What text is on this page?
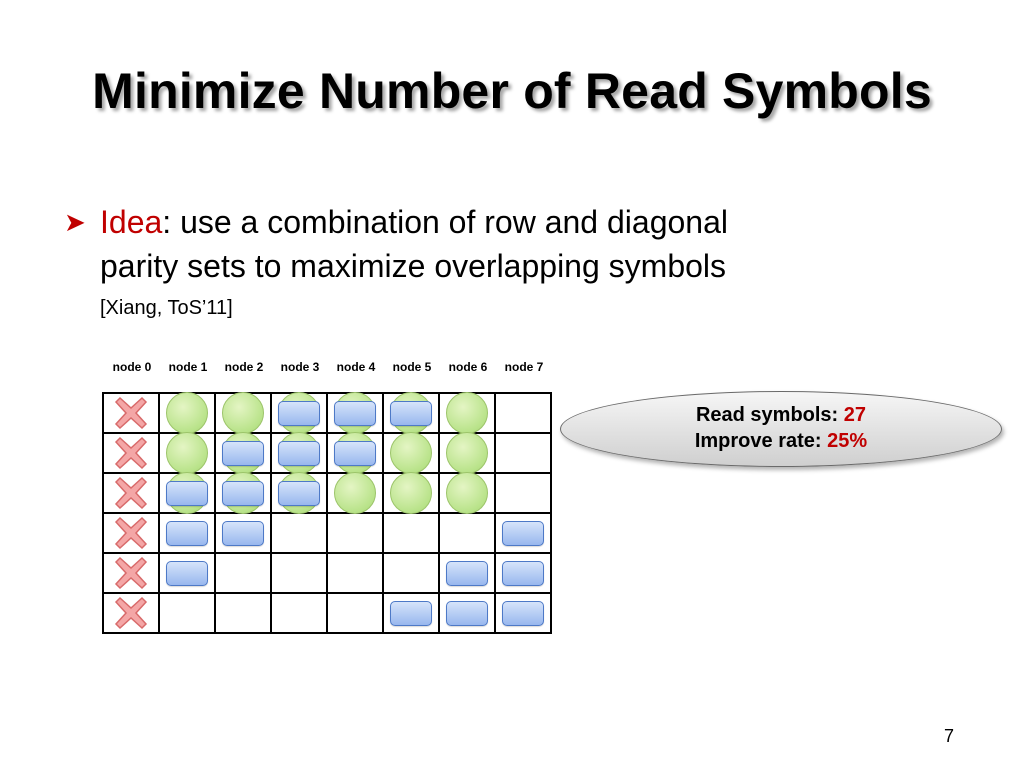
Minimize Number of Read Symbols
➤ Idea: use a combination of row and diagonal
parity sets to maximize overlapping symbols
[Xiang, ToS’11]
node 0	node 1	node 2	node 3	node 4	node 5	node 6	node 7

Read symbols: 27
Improve rate: 25%
7
